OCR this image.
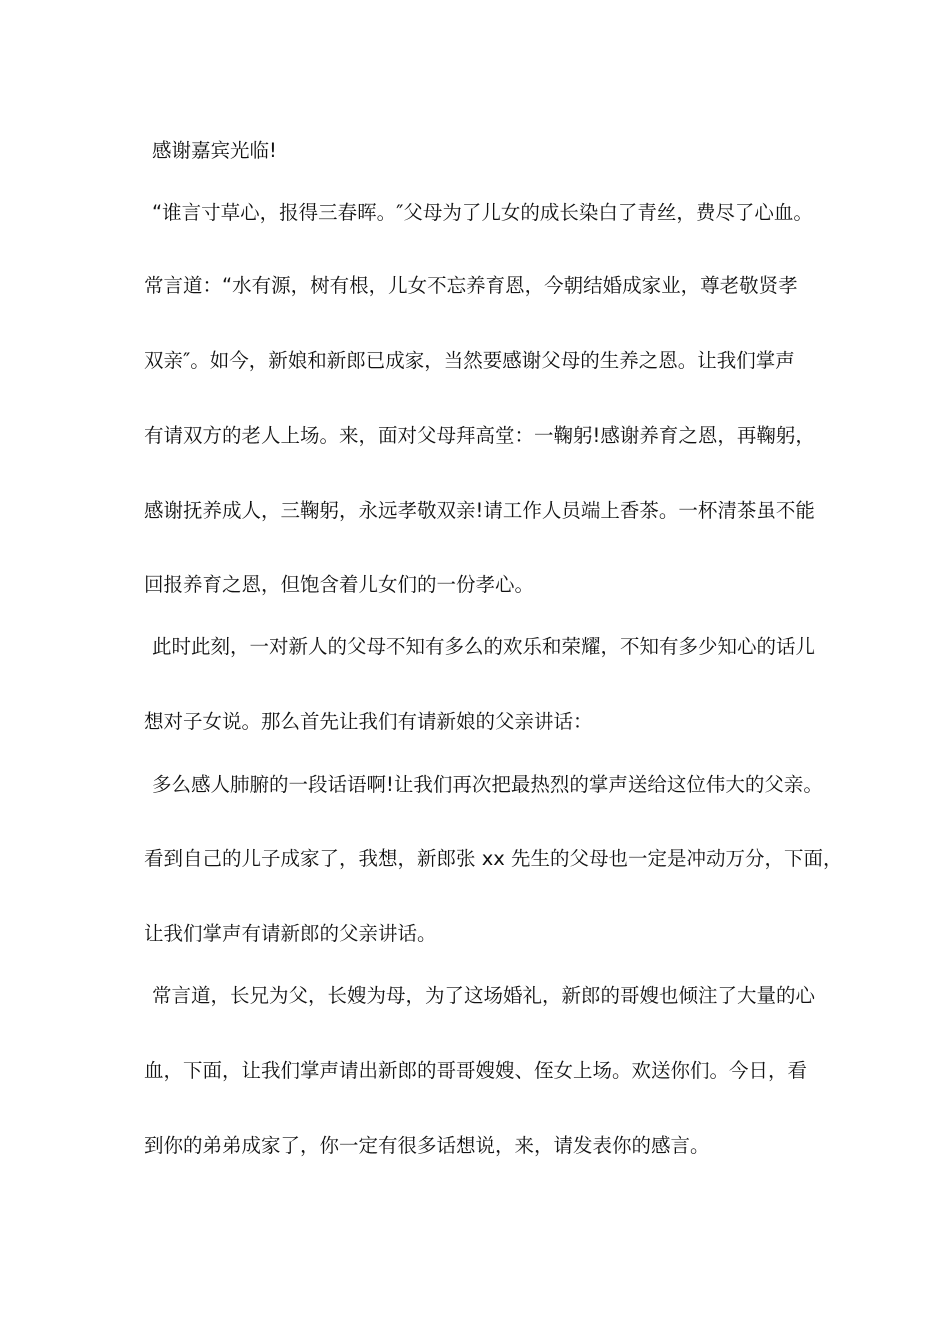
感谢嘉宾光临!
“谁言寸草心，报得三春晖。″父母为了儿女的成长染白了青丝，费尽了心血。
常言道：“水有源，树有根，儿女不忘养育恩，今朝结婚成家业，尊老敬贤孝
双亲″。如今，新娘和新郎已成家，当然要感谢父母的生养之恩。让我们掌声
有请双方的老人上场。来，面对父母拜高堂：一鞠躬!感谢养育之恩，再鞠躬，
感谢抚养成人，三鞠躬，永远孝敬双亲!请工作人员端上香茶。一杯清茶虽不能
回报养育之恩，但饱含着儿女们的一份孝心。
此时此刻，一对新人的父母不知有多么的欢乐和荣耀，不知有多少知心的话儿
想对子女说。那么首先让我们有请新娘的父亲讲话：
多么感人肺腑的一段话语啊!让我们再次把最热烈的掌声送给这位伟大的父亲。
看到自己的儿子成家了，我想，新郎张 xx 先生的父母也一定是冲动万分，下面，
让我们掌声有请新郎的父亲讲话。
常言道，长兄为父，长嫂为母，为了这场婚礼，新郎的哥嫂也倾注了大量的心
血，下面，让我们掌声请出新郎的哥哥嫂嫂、侄女上场。欢送你们。今日，看
到你的弟弟成家了，你一定有很多话想说，来，请发表你的感言。
